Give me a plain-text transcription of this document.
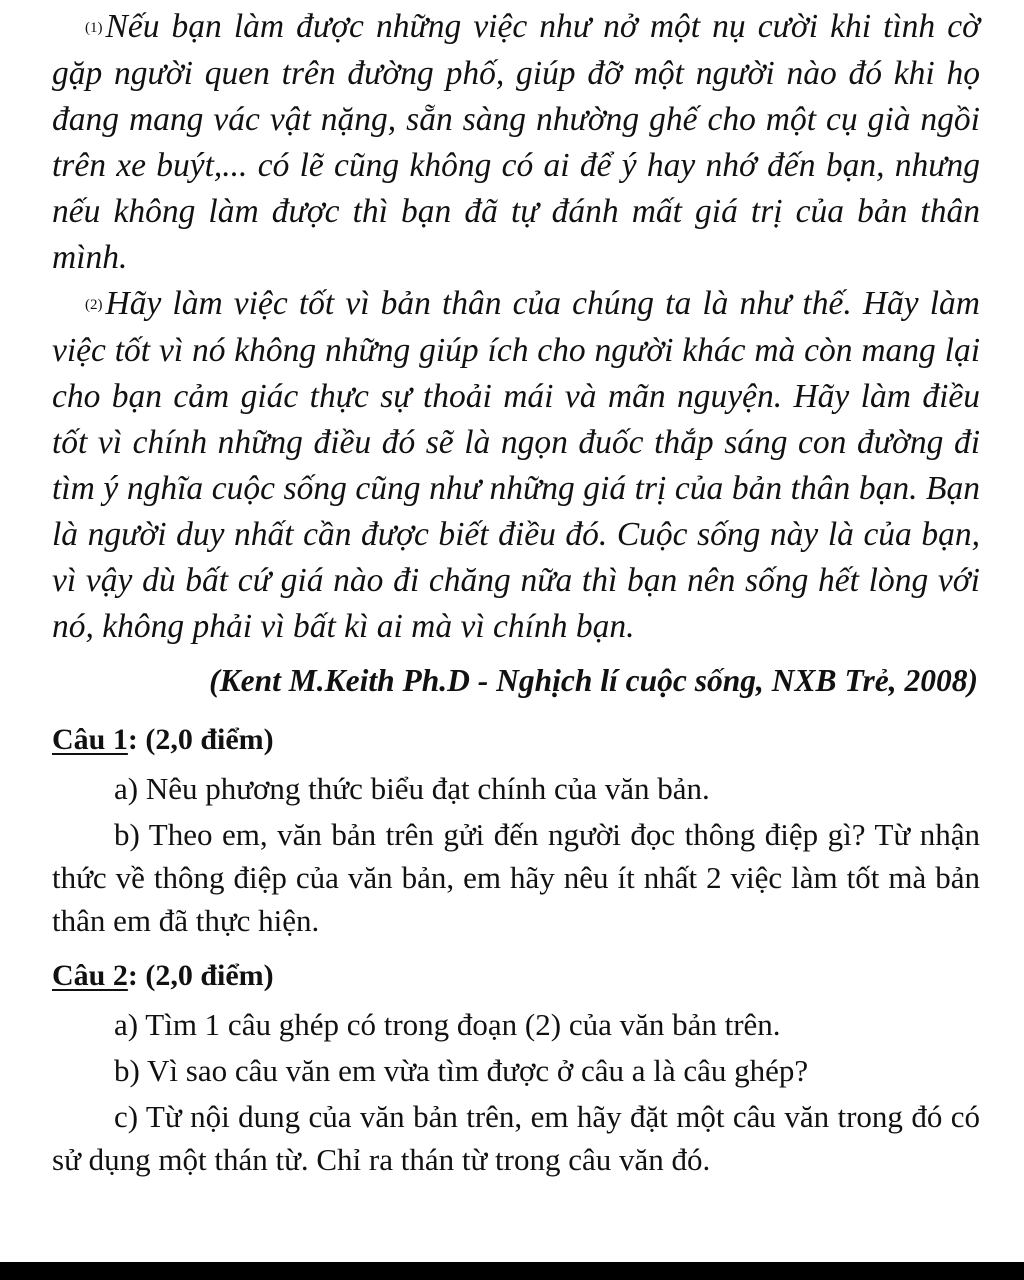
(1)Nếu bạn làm được những việc như nở một nụ cười khi tình cờ gặp người quen trên đường phố, giúp đỡ một người nào đó khi họ đang mang vác vật nặng, sẵn sàng nhường ghế cho một cụ già ngồi trên xe buýt,... có lẽ cũng không có ai để ý hay nhớ đến bạn, nhưng nếu không làm được thì bạn đã tự đánh mất giá trị của bản thân mình.

(2)Hãy làm việc tốt vì bản thân của chúng ta là như thế. Hãy làm việc tốt vì nó không những giúp ích cho người khác mà còn mang lại cho bạn cảm giác thực sự thoải mái và mãn nguyện. Hãy làm điều tốt vì chính những điều đó sẽ là ngọn đuốc thắp sáng con đường đi tìm ý nghĩa cuộc sống cũng như những giá trị của bản thân bạn. Bạn là người duy nhất cần được biết điều đó. Cuộc sống này là của bạn, vì vậy dù bất cứ giá nào đi chăng nữa thì bạn nên sống hết lòng với nó, không phải vì bất kì ai mà vì chính bạn.

(Kent M.Keith Ph.D - Nghịch lí cuộc sống, NXB Trẻ, 2008)

Câu 1: (2,0 điểm)

a) Nêu phương thức biểu đạt chính của văn bản.

b) Theo em, văn bản trên gửi đến người đọc thông điệp gì? Từ nhận thức về thông điệp của văn bản, em hãy nêu ít nhất 2 việc làm tốt mà bản thân em đã thực hiện.

Câu 2: (2,0 điểm)

a) Tìm 1 câu ghép có trong đoạn (2) của văn bản trên.

b) Vì sao câu văn em vừa tìm được ở câu a là câu ghép?

c) Từ nội dung của văn bản trên, em hãy đặt một câu văn trong đó có sử dụng một thán từ. Chỉ ra thán từ trong câu văn đó.
